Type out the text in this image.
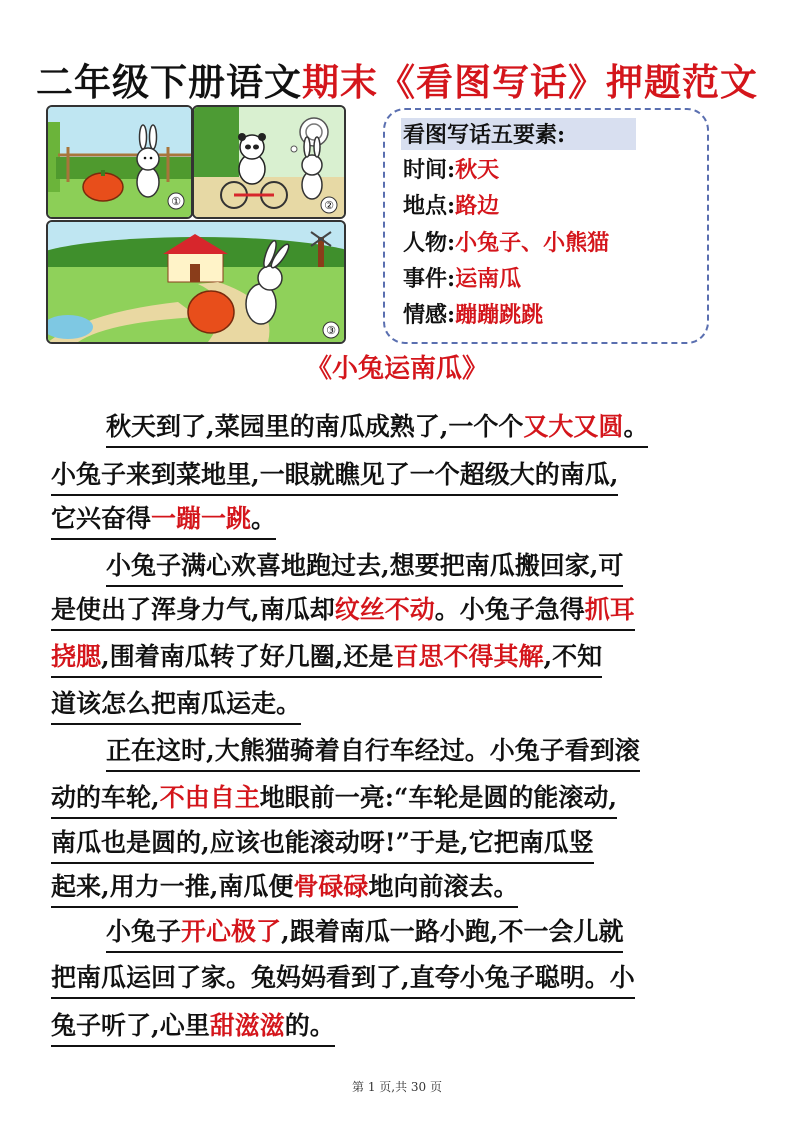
二年级下册语文期末《看图写话》押题范文
①	②
③
看图写话五要素:
时间:秋天
地点:路边
人物:小兔子、小熊猫
事件:运南瓜
情感:蹦蹦跳跳
《小兔运南瓜》
秋天到了,菜园里的南瓜成熟了,一个个又大又圆。
小兔子来到菜地里,一眼就瞧见了一个超级大的南瓜,
它兴奋得一蹦一跳。
小兔子满心欢喜地跑过去,想要把南瓜搬回家,可
是使出了浑身力气,南瓜却纹丝不动。小兔子急得抓耳
挠腮,围着南瓜转了好几圈,还是百思不得其解,不知
道该怎么把南瓜运走。
正在这时,大熊猫骑着自行车经过。小兔子看到滚
动的车轮,不由自主地眼前一亮:“车轮是圆的能滚动,
南瓜也是圆的,应该也能滚动呀!”于是,它把南瓜竖
起来,用力一推,南瓜便骨碌碌地向前滚去。
小兔子开心极了,跟着南瓜一路小跑,不一会儿就
把南瓜运回了家。兔妈妈看到了,直夸小兔子聪明。小
兔子听了,心里甜滋滋的。
第 1 页,共 30 页
